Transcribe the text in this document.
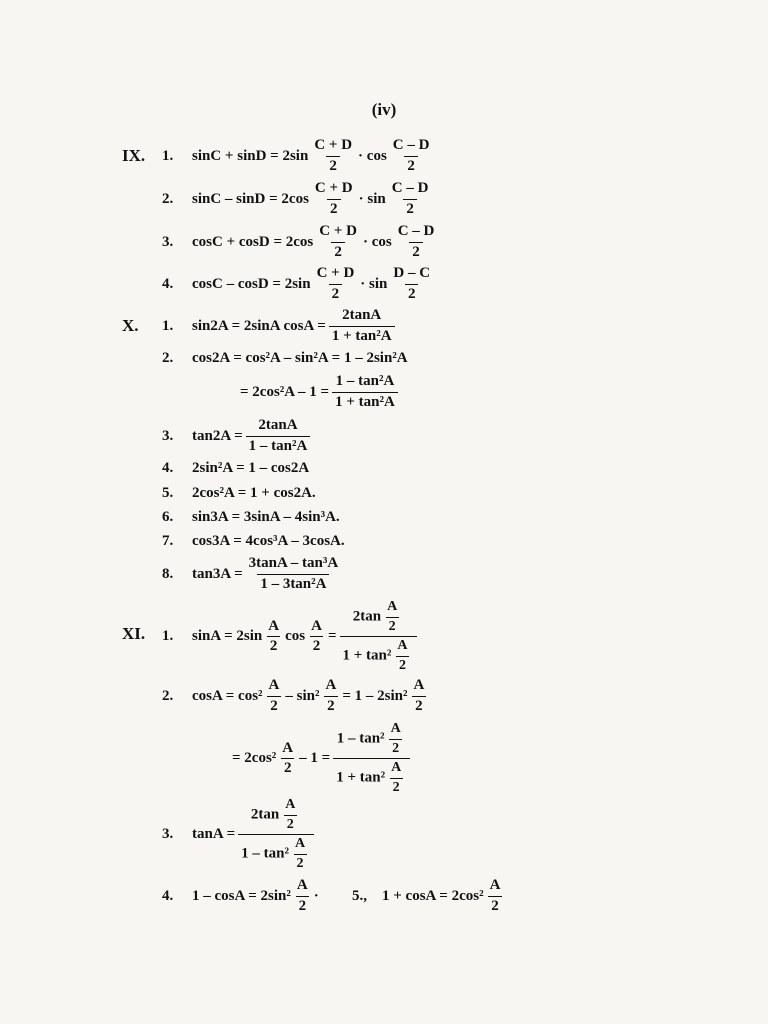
(iv)
IX. 1.	$\sin C + \sin D = 2\sin \frac{C + D}{2} \cdot \cos \frac{C - D}{2}$
2.	$\sin C - \sin D = 2\cos \frac{C + D}{2} \cdot \sin \frac{C - D}{2}$
3.	$\cos C + \cos D = 2\cos \frac{C + D}{2} \cdot \cos \frac{C - D}{2}$
4.	$\cos C - \cos D = 2\sin \frac{C + D}{2} \cdot \sin \frac{D - C}{2}$
X. 1.	sin2A = 2sinA $\cos A = \frac{2\tan A}{\text{1 + tan²A}}$
2.	cos2A = cos²A – sin²A = 1 – 2sin²A
= $2\cos^2A - 1 = \frac{\text{1 – tan²A}}{\text{1 + tan²A}}$
3.	$\tan 2A = \frac{2\tan A}{\text{1 – tan²A}}$
4.	2sin²A = 1 – cos2A
5.	2cos²A = 1 + cos2A.
6.	sin3A = 3sinA – 4sin³A.
7.	cos3A = 4cos³A – 3cosA.
8.	$\tan 3A = \frac{\text{3tanA – tan³A}}{\text{1 – 3tan²A}}$
XI. 1.	$\sin A = 2\sin \frac{A}{2}$ $\cos \frac{A}{2} = \frac{2\tan \frac{A}{2}}{1 + \tan^2 \frac{A}{2}}$
2.	$\cos A = \cos^2 \frac{A}{2} - \sin^2 \frac{A}{2} = 1 - 2\sin^2 \frac{A}{2}$
= $2\cos^2 \frac{A}{2} - 1 = \frac{1 - \tan^2 \frac{A}{2}}{1 + \tan^2 \frac{A}{2}}$
3.	$\tan A = \frac{2\tan \frac{A}{2}}{1 - \tan^2 \frac{A}{2}}$
4.	$1 - \cos A = 2\sin^2 \frac{A}{2} \cdot 5$.,	$1 + \cos A = 2\cos^2 \frac{A}{2}$
